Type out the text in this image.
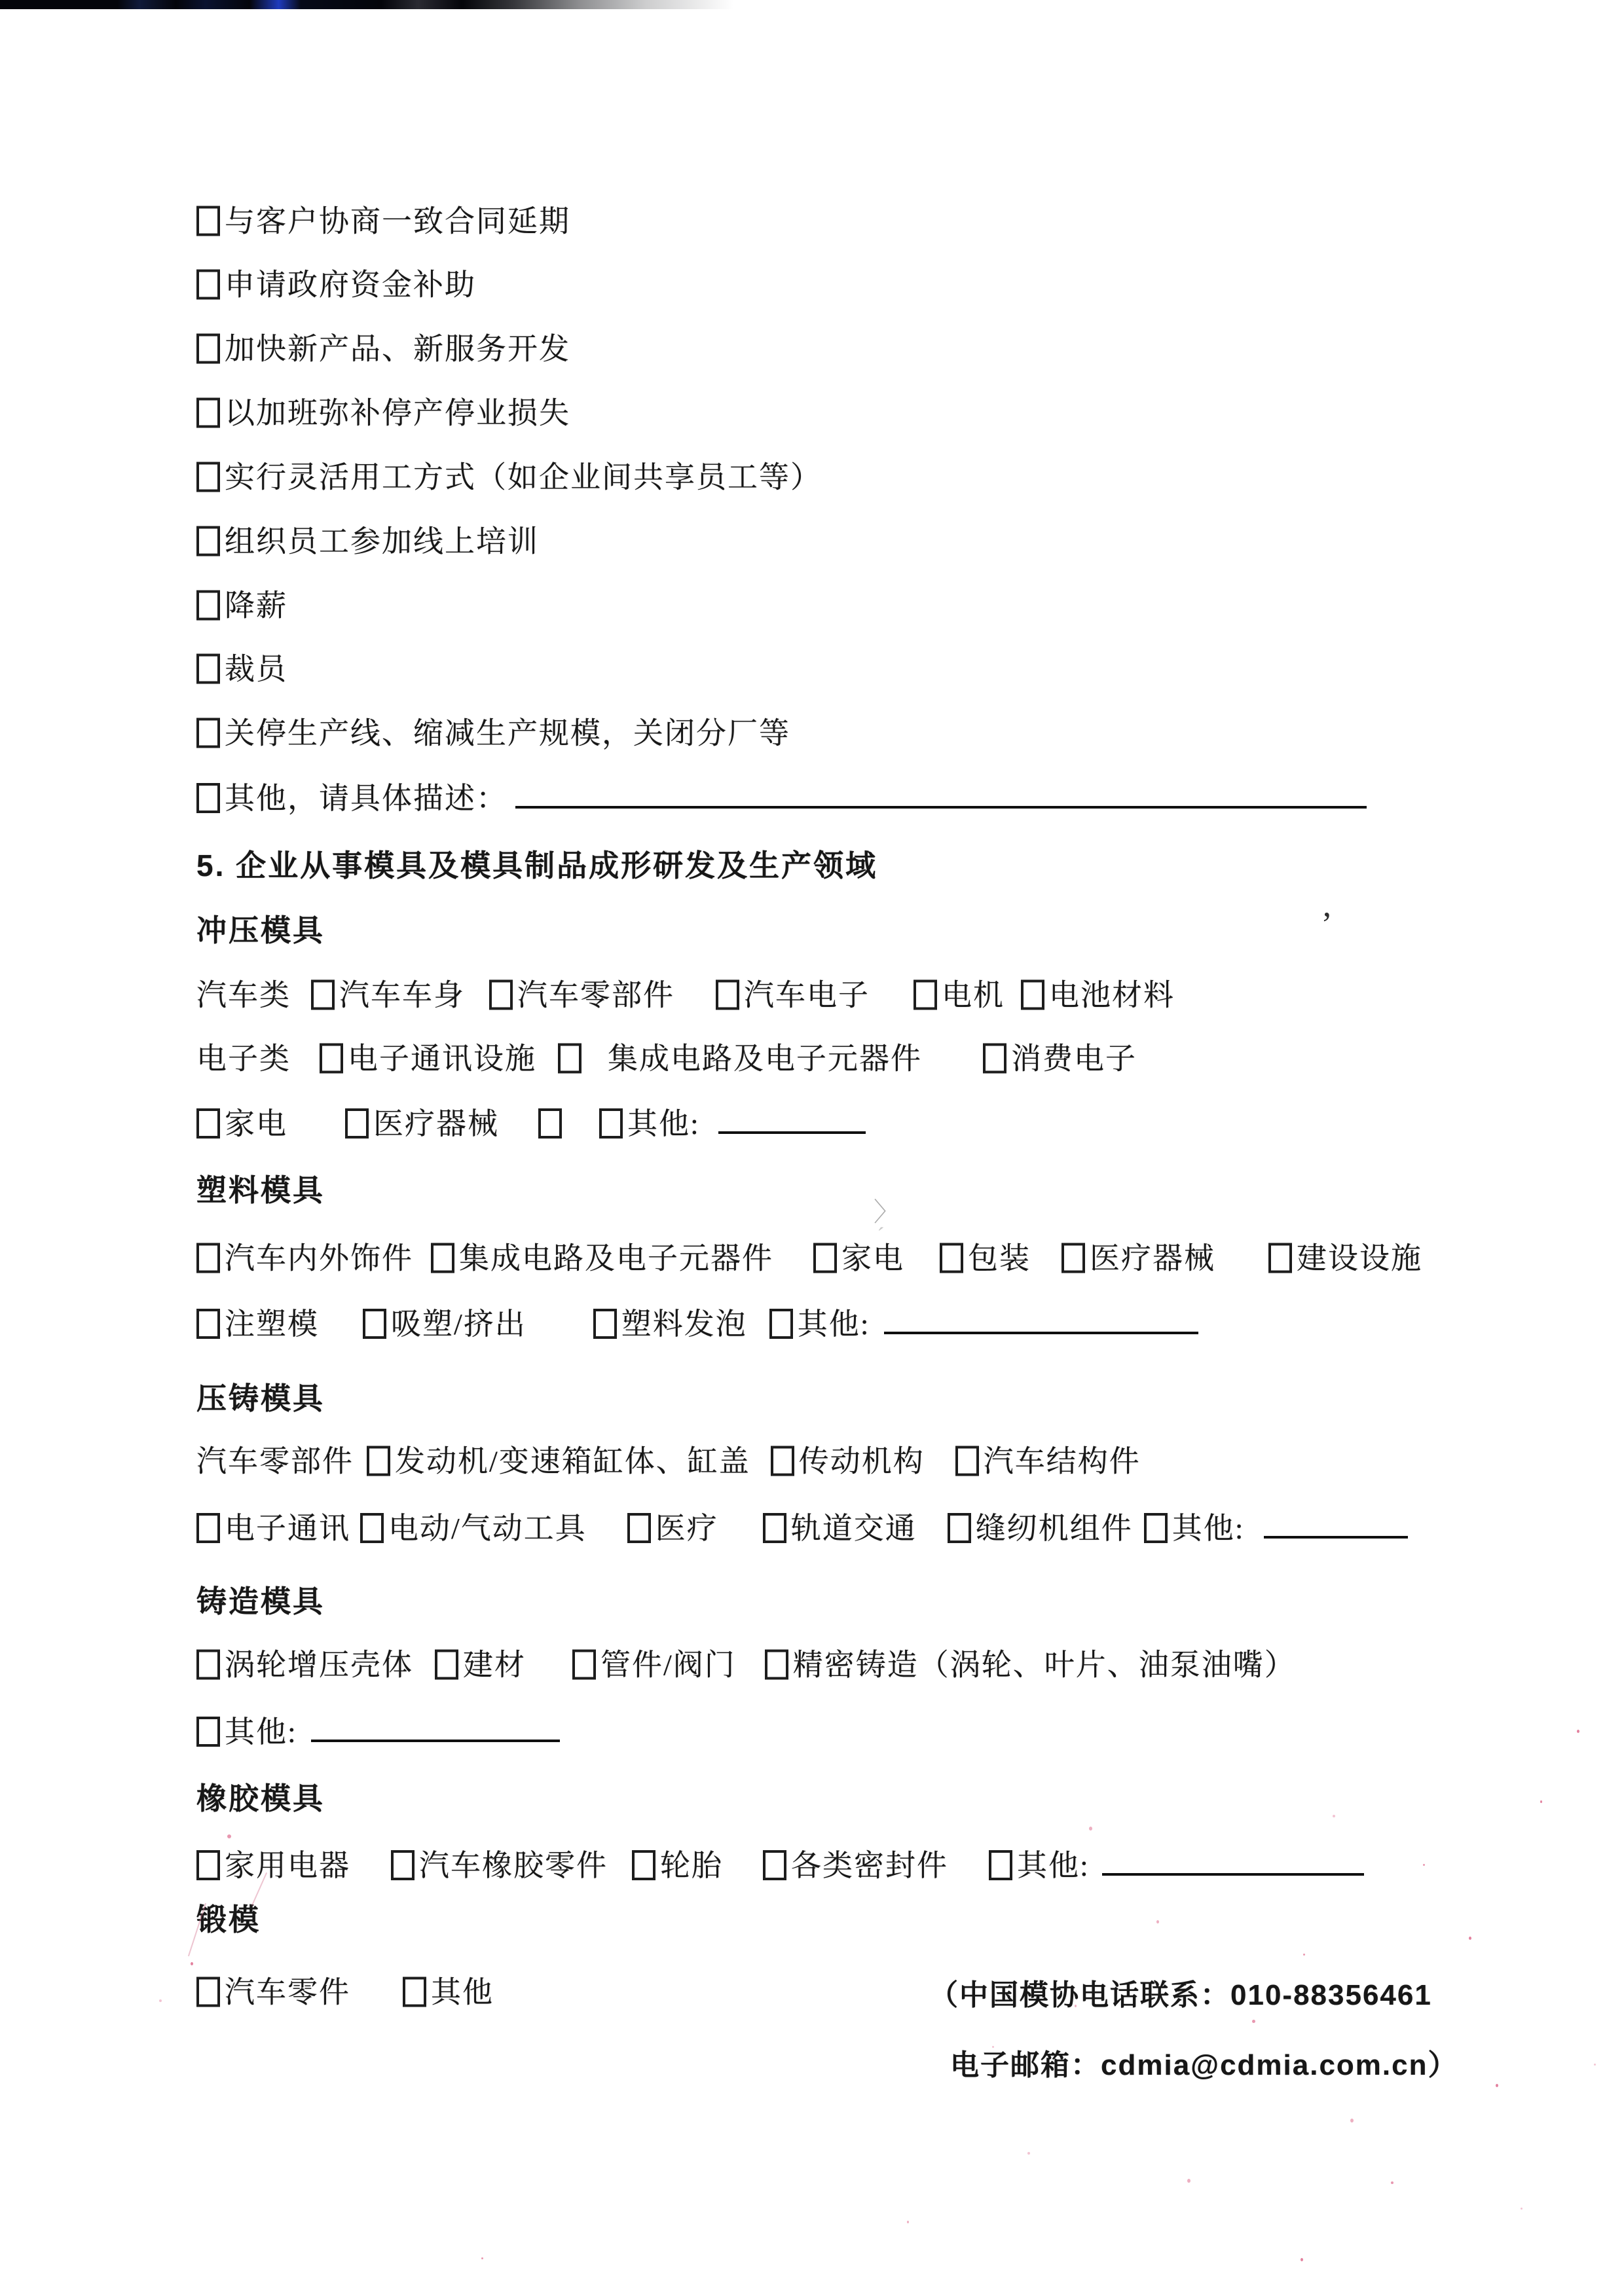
与客户协商一致合同延期
申请政府资金补助
加快新产品、新服务开发
以加班弥补停产停业损失
实行灵活用工方式（如企业间共享员工等）
组织员工参加线上培训
降薪
裁员
关停生产线、缩减生产规模，关闭分厂等
其他，请具体描述：
5. 企业从事模具及模具制品成形研发及生产领域
冲压模具
汽车类 汽车车身 汽车零部件 汽车电子 电机 电池材料
电子类 电子通讯设施 集成电路及电子元器件	消费电子
家电	医疗器械	其他:
塑料模具
汽车内外饰件 集成电路及电子元器件 家电 包装 医疗器械	建设设施
注塑模 吸塑/挤出	塑料发泡 其他:
压铸模具
汽车零部件 发动机/变速箱缸体、缸盖 传动机构 汽车结构件
电子通讯 电动/气动工具 医疗 轨道交通 缝纫机组件 其他:
铸造模具
涡轮增压壳体 建材 管件/阀门 精密铸造（涡轮、叶片、油泵油嘴）
其他:
橡胶模具
家用电器 汽车橡胶零件 轮胎 各类密封件 其他:
锻模
汽车零件	其他	（中国模协电话联系：010-88356461
电子邮箱：cdmia@cdmia.com.cn）
’
〉
ˊ
